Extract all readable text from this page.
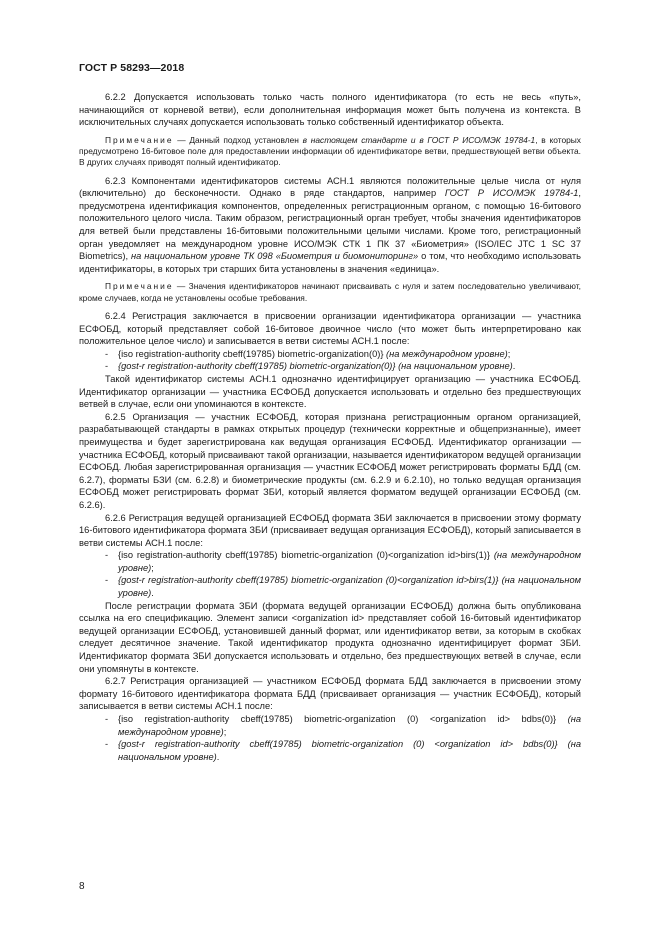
ГОСТ Р 58293—2018

6.2.2 Допускается использовать только часть полного идентификатора (то есть не весь «путь», начинающийся от корневой ветви), если дополнительная информация может быть получена из контекста. В исключительных случаях допускается использовать только собственный идентификатор объекта.

Примечание — Данный подход установлен в настоящем стандарте и в ГОСТ Р ИСО/МЭК 19784-1, в которых предусмотрено 16-битовое поле для предоставлении информации об идентификаторе ветви, предшествующей ветви объекта. В других случаях приводят полный идентификатор.

6.2.3 Компонентами идентификаторов системы АСН.1 являются положительные целые числа от нуля (включительно) до бесконечности. Однако в ряде стандартов, например ГОСТ Р ИСО/МЭК 19784-1, предусмотрена идентификация компонентов, определенных регистрационным органом, с помощью 16-битового положительного целого числа. Таким образом, регистрационный орган требует, чтобы значения идентификаторов для ветвей были представлены 16-битовыми положительными целыми числами. Кроме того, регистрационный орган уведомляет на международном уровне ИСО/МЭК СТК 1 ПК 37 «Биометрия» (ISO/IEC JTC 1 SC 37 Biometrics), на национальном уровне ТК 098 «Биометрия и биомониторинг» о том, что необходимо использовать идентификаторы, в которых три старших бита установлены в значения «единица».

Примечание — Значения идентификаторов начинают присваивать с нуля и затем последовательно увеличивают, кроме случаев, когда не установлены особые требования.

6.2.4 Регистрация заключается в присвоении организации идентификатора организации — участника ЕСФОБД, который представляет собой 16-битовое двоичное число (что может быть интерпретировано как положительное целое число) и записывается в ветви системы АСН.1 после:

- {iso registration-authority cbeff(19785) biometric-organization(0)} (на международном уровне);

- {gost-r registration-authority cbeff(19785) biometric-organization(0)} (на национальном уровне).

Такой идентификатор системы АСН.1 однозначно идентифицирует организацию — участника ЕСФОБД. Идентификатор организации — участника ЕСФОБД допускается использовать и отдельно без предшествующих ветвей в случае, если они упоминаются в контексте.

6.2.5 Организация — участник ЕСФОБД, которая признана регистрационным органом организацией, разрабатывающей стандарты в рамках открытых процедур (технически корректные и общепризнанные), имеет преимущества и будет зарегистрирована как ведущая организация ЕСФОБД. Идентификатор организации — участника ЕСФОБД, который присваивают такой организации, называется идентификатором ведущей организации ЕСФОБД. Любая зарегистрированная организация — участник ЕСФОБД может регистрировать форматы БДД (см. 6.2.7), форматы БЗИ (см. 6.2.8) и биометрические продукты (см. 6.2.9 и 6.2.10), но только ведущая организация ЕСФОБД может регистрировать формат ЗБИ, который является форматом ведущей организации ЕСФОБД (см. 6.2.6).

6.2.6 Регистрация ведущей организацией ЕСФОБД формата ЗБИ заключается в присвоении этому формату 16-битового идентификатора формата ЗБИ (присваивает ведущая организация ЕСФОБД), который записывается в ветви системы АСН.1 после:

- {iso registration-authority cbeff(19785) biometric-organization (0)<organization id>birs(1)} (на международном уровне);

- {gost-r registration-authority cbeff(19785) biometric-organization (0)<organization id>birs(1)} (на национальном уровне).

После регистрации формата ЗБИ (формата ведущей организации ЕСФОБД) должна быть опубликована ссылка на его спецификацию. Элемент записи <organization id> представляет собой 16-битовый идентификатор ведущей организации ЕСФОБД, установившей данный формат, или идентификатор ветви, за которым в скобках следует десятичное значение. Такой идентификатор продукта однозначно идентифицирует формат ЗБИ. Идентификатор формата ЗБИ допускается использовать и отдельно, без предшествующих ветвей в случае, если они упомянуты в контексте.

6.2.7 Регистрация организацией — участником ЕСФОБД формата БДД заключается в присвоении этому формату 16-битового идентификатора формата БДД (присваивает организация — участник ЕСФОБД), который записывается в ветви системы АСН.1 после:

- {iso registration-authority cbeff(19785) biometric-organization (0) <organization id> bdbs(0)} (на международном уровне);

- {gost-r registration-authority cbeff(19785) biometric-organization (0) <organization id> bdbs(0)} (на национальном уровне).

8
